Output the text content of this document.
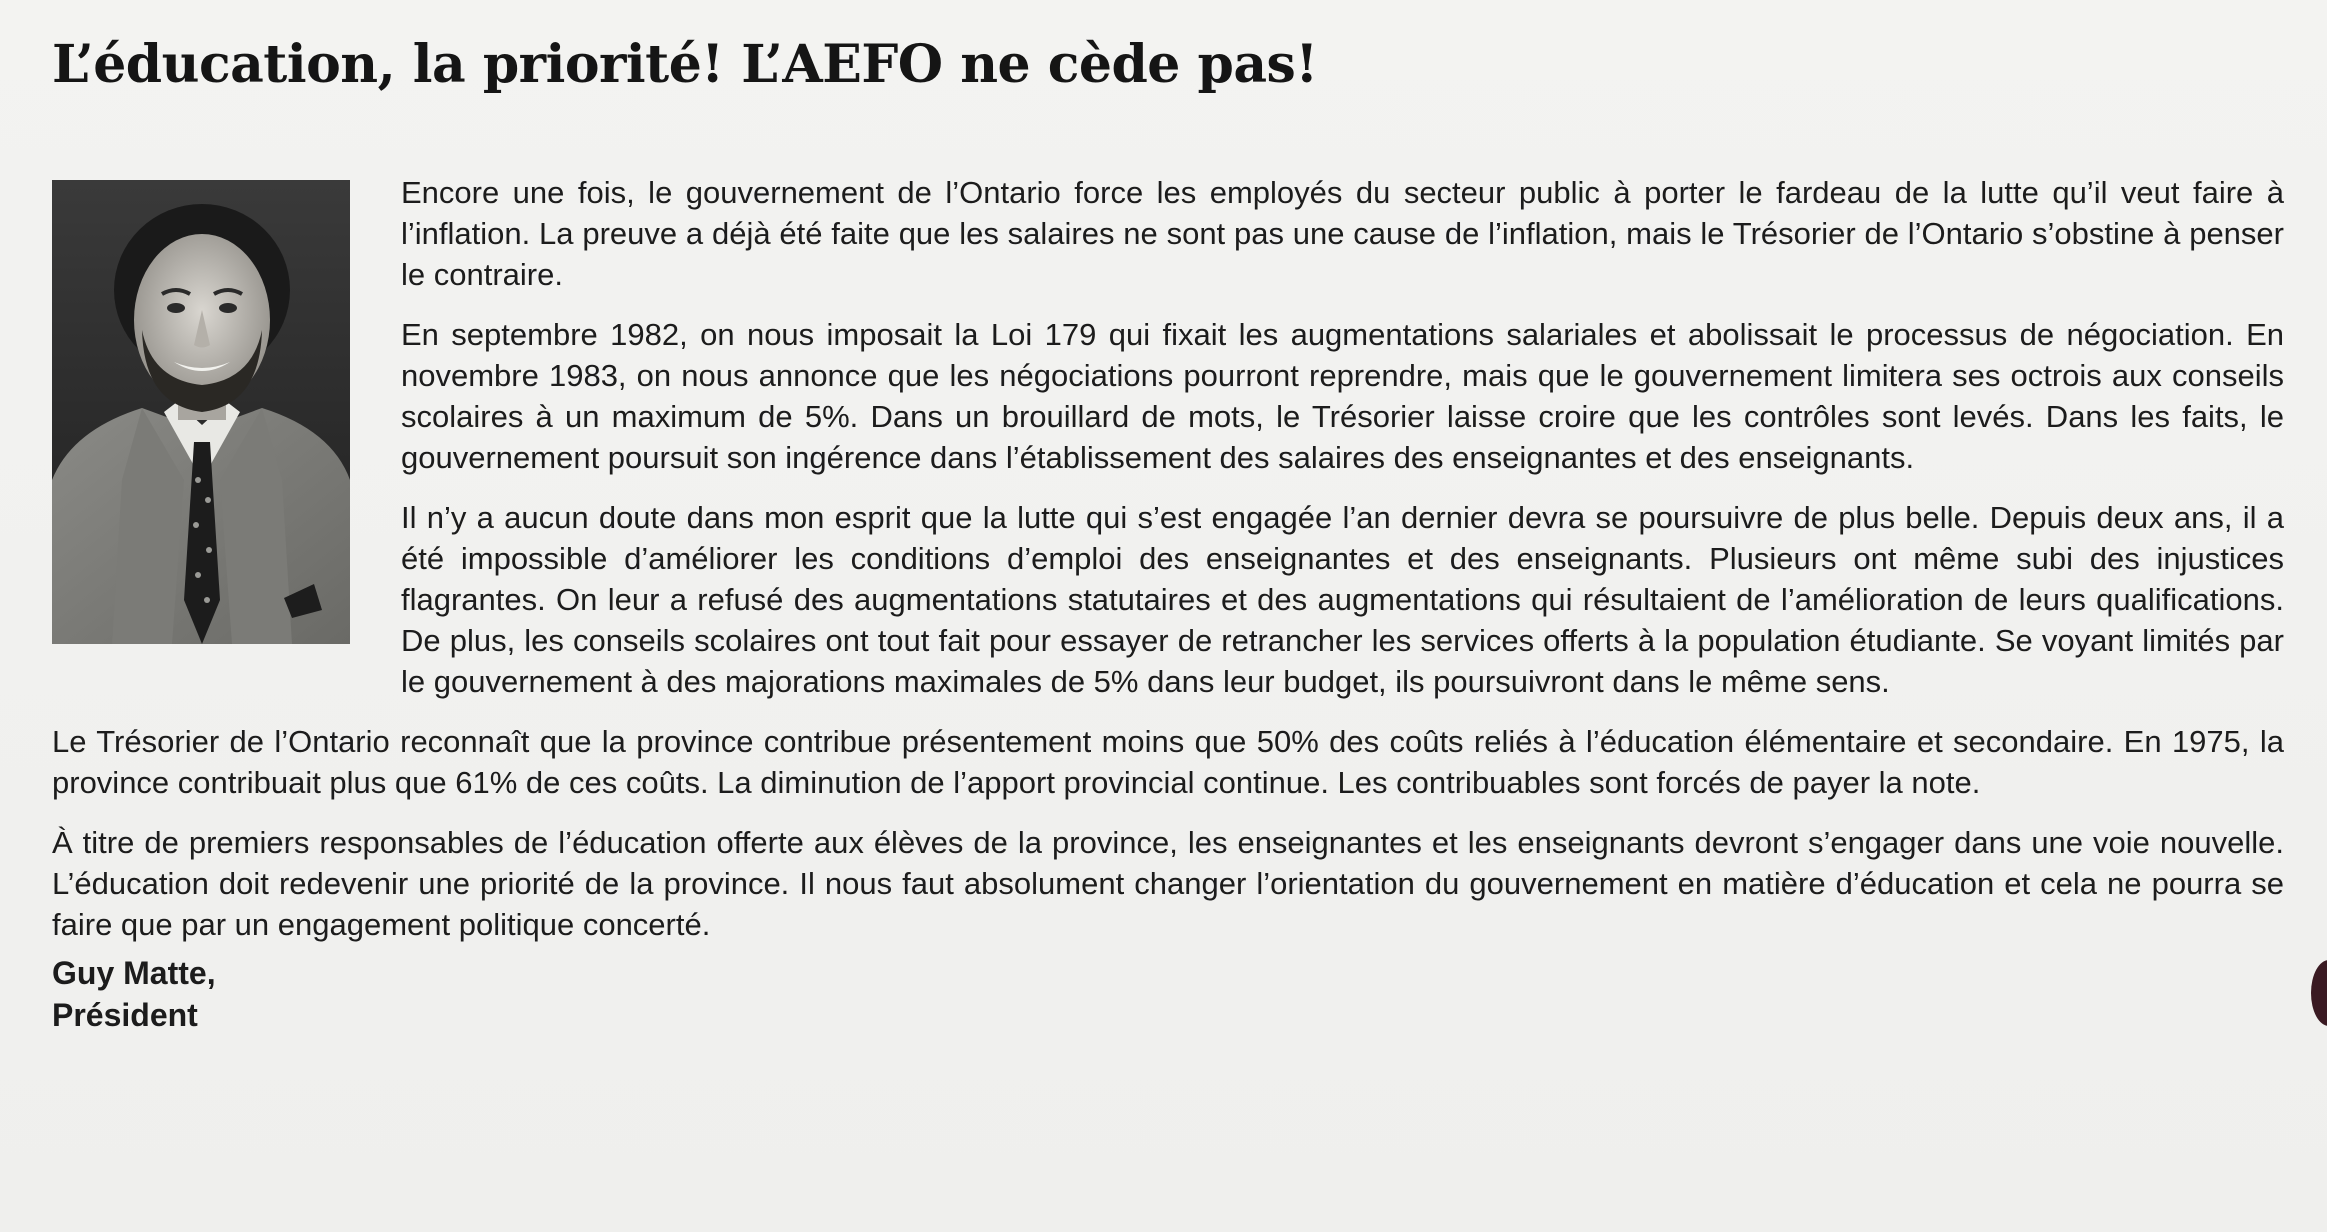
L’éducation, la priorité! L’AEFO ne cède pas!

Encore une fois, le gouvernement de l’Ontario force les employés du secteur public à porter le fardeau de la lutte qu’il veut faire à l’inflation. La preuve a déjà été faite que les salaires ne sont pas une cause de l’inflation, mais le Trésorier de l’Ontario s’obstine à penser le contraire.

En septembre 1982, on nous imposait la Loi 179 qui fixait les augmentations salariales et abolissait le processus de négociation. En novembre 1983, on nous annonce que les négociations pourront reprendre, mais que le gouvernement limitera ses octrois aux conseils scolaires à un maximum de 5%. Dans un brouillard de mots, le Trésorier laisse croire que les contrôles sont levés. Dans les faits, le gouvernement poursuit son ingérence dans l’établissement des salaires des enseignantes et des enseignants.

Il n’y a aucun doute dans mon esprit que la lutte qui s’est engagée l’an dernier devra se poursuivre de plus belle. Depuis deux ans, il a été impossible d’améliorer les conditions d’emploi des enseignantes et des enseignants. Plusieurs ont même subi des injustices flagrantes. On leur a refusé des augmentations statutaires et des augmentations qui résultaient de l’amélioration de leurs qualifications. De plus, les conseils scolaires ont tout fait pour essayer de retrancher les services offerts à la population étudiante. Se voyant limités par le gouvernement à des majorations maximales de 5% dans leur budget, ils poursuivront dans le même sens.

Le Trésorier de l’Ontario reconnaît que la province contribue présentement moins que 50% des coûts reliés à l’éducation élémentaire et secondaire. En 1975, la province contribuait plus que 61% de ces coûts. La diminution de l’apport provincial continue. Les contribuables sont forcés de payer la note.

À titre de premiers responsables de l’éducation offerte aux élèves de la province, les enseignantes et les enseignants devront s’engager dans une voie nouvelle. L’éducation doit redevenir une priorité de la province. Il nous faut absolument changer l’orientation du gouvernement en matière d’éducation et cela ne pourra se faire que par un engagement politique concerté.

Guy Matte,
Président
